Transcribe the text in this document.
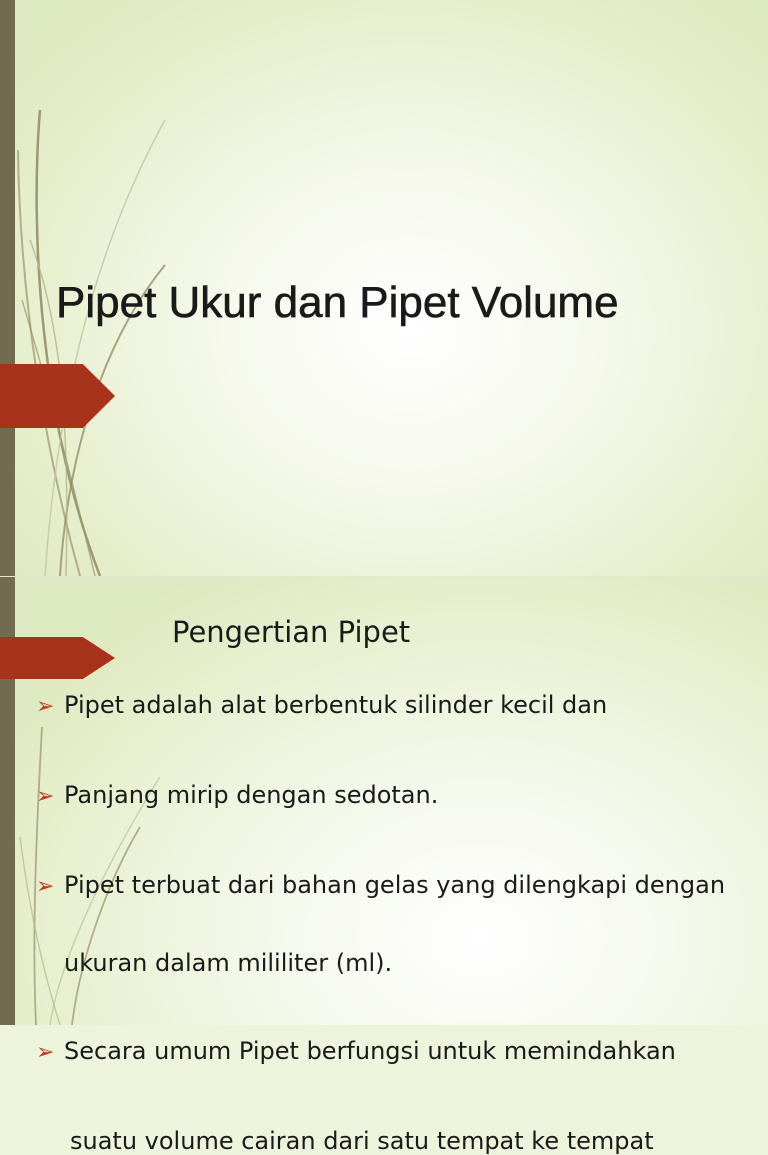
Pipet Ukur dan Pipet Volume
Pengertian Pipet
➢ Pipet adalah alat berbentuk silinder kecil dan
➢ Panjang mirip dengan sedotan.
➢ Pipet terbuat dari bahan gelas yang dilengkapi dengan
ukuran dalam mililiter (ml).
➢ Secara umum Pipet berfungsi untuk memindahkan
suatu volume cairan dari satu tempat ke tempat
